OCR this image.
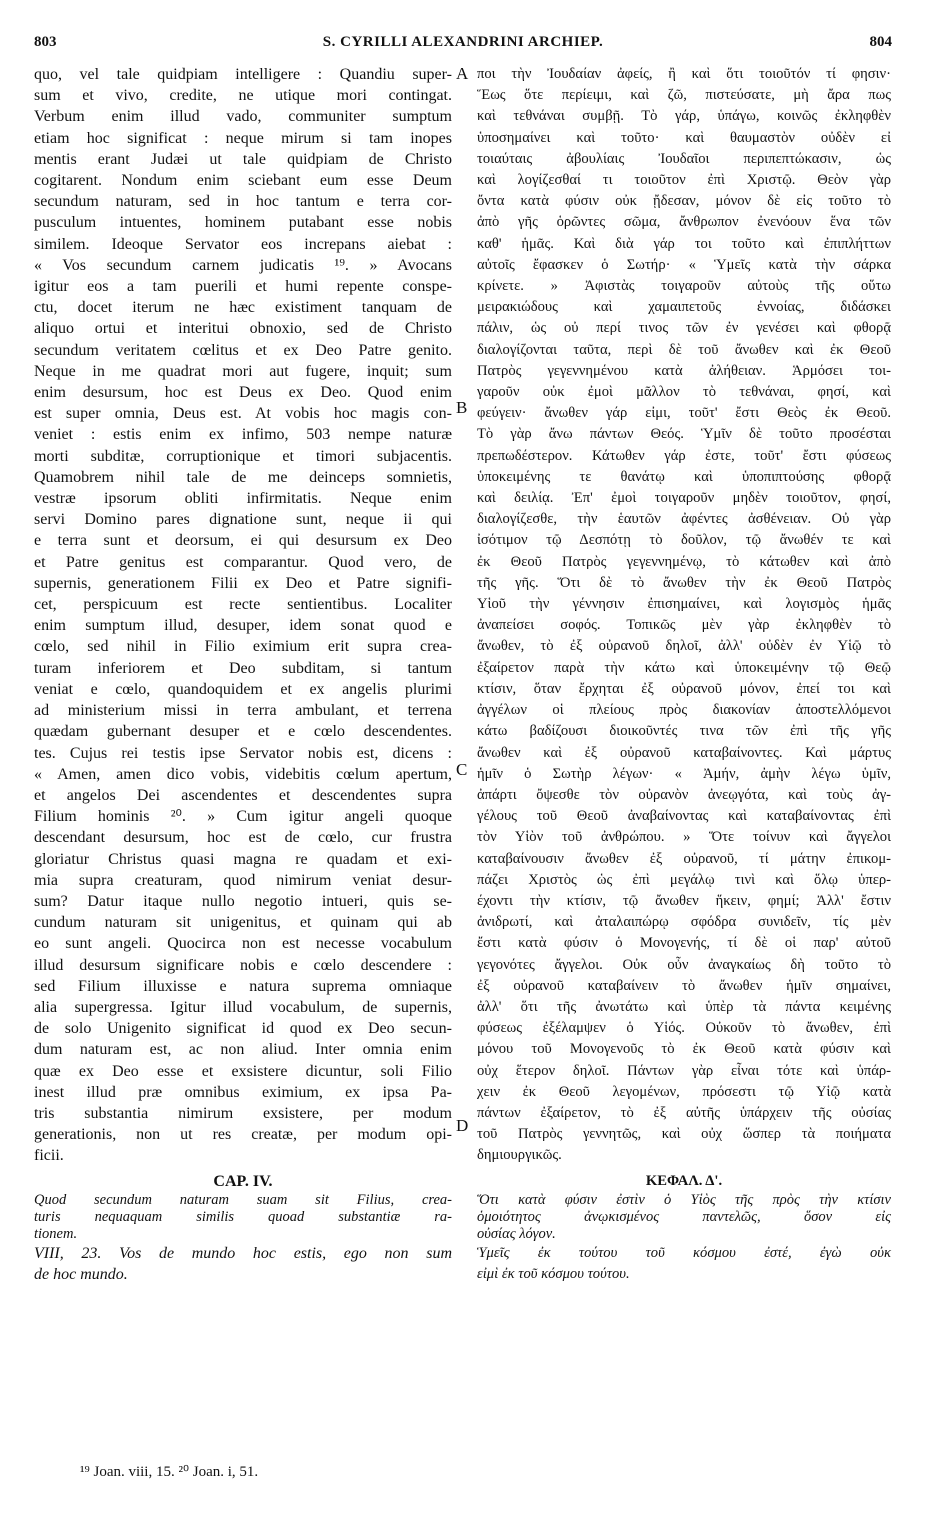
803	S. CYRILLI ALEXANDRINI ARCHIEP.	804

quo, vel tale quidpiam intelligere : Quandiu super-

sum et vivo, credite, ne utique mori contingat.

Verbum enim illud vado, communiter sumptum

etiam hoc significat : neque mirum si tam inopes

mentis erant Judæi ut tale quidpiam de Christo

cogitarent. Nondum enim sciebant eum esse Deum

secundum naturam, sed in hoc tantum e terra cor-

pusculum intuentes, hominem putabant esse nobis

similem. Ideoque Servator eos increpans aiebat :

« Vos secundum carnem judicatis ¹⁹. » Avocans

igitur eos a tam puerili et humi repente conspe-

ctu, docet iterum ne hæc existiment tanquam de

aliquo ortui et interitui obnoxio, sed de Christo

secundum veritatem cœlitus et ex Deo Patre genito.

Neque in me quadrat mori aut fugere, inquit; sum

enim desursum, hoc est Deus ex Deo. Quod enim

est super omnia, Deus est. At vobis hoc magis con-

veniet : estis enim ex infimo, 503 nempe naturæ

morti subditæ, corruptionique et timori subjacentis.

Quamobrem nihil tale de me deinceps somnietis,

vestræ ipsorum obliti infirmitatis. Neque enim

servi Domino pares dignatione sunt, neque ii qui

e terra sunt et deorsum, ei qui desursum ex Deo

et Patre genitus est comparantur. Quod vero, de

supernis, generationem Filii ex Deo et Patre signifi-

cet, perspicuum est recte sentientibus. Localiter

enim sumptum illud, desuper, idem sonat quod e

cœlo, sed nihil in Filio eximium erit supra crea-

turam inferiorem et Deo subditam, si tantum

veniat e cœlo, quandoquidem et ex angelis plurimi

ad ministerium missi in terra ambulant, et terrena

quædam gubernant desuper et e cœlo descendentes.

tes. Cujus rei testis ipse Servator nobis est, dicens :

« Amen, amen dico vobis, videbitis cœlum apertum,

et angelos Dei ascendentes et descendentes supra

Filium hominis ²⁰. » Cum igitur angeli quoque

descendant desursum, hoc est de cœlo, cur frustra

gloriatur Christus quasi magna re quadam et exi-

mia supra creaturam, quod nimirum veniat desur-

sum? Datur itaque nullo negotio intueri, quis se-

cundum naturam sit unigenitus, et quinam qui ab

eo sunt angeli. Quocirca non est necesse vocabulum

illud desursum significare nobis e cœlo descendere :

sed Filium illuxisse e natura suprema omniaque

alia supergressa. Igitur illud vocabulum, de supernis,

de solo Unigenito significat id quod ex Deo secun-

dum naturam est, ac non aliud. Inter omnia enim

quæ ex Deo esse et exsistere dicuntur, soli Filio

inest illud præ omnibus eximium, ex ipsa Pa-

tris substantia nimirum exsistere, per modum

generationis, non ut res creatæ, per modum opi-

ficii.

CAP. IV.

Quod secundum naturam suam sit Filius, crea-

turis nequaquam similis quoad substantiæ ra-

tionem.

VIII, 23. Vos de mundo hoc estis, ego non sum

de hoc mundo.

A
B
C
D

ποι τὴν Ἰουδαίαν ἀφείς, ἢ καὶ ὅτι τοιοῦτόν τί φησιν·

Ἕως ὅτε περίειμι, καὶ ζῶ, πιστεύσατε, μὴ ἄρα πως

καὶ τεθνάναι συμβῇ. Τὸ γάρ, ὑπάγω, κοινῶς ἐκληφθὲν

ὑποσημαίνει καὶ τοῦτο· καὶ θαυμαστὸν οὐδὲν εἰ

τοιαύταις ἀβουλίαις Ἰουδαῖοι περιπεπτώκασιν, ὡς

καὶ λογίζεσθαί τι τοιοῦτον ἐπὶ Χριστῷ. Θεὸν γὰρ

ὄντα κατὰ φύσιν οὐκ ᾔδεσαν, μόνον δὲ εἰς τοῦτο τὸ

ἀπὸ γῆς ὁρῶντες σῶμα, ἄνθρωπον ἐνενόουν ἕνα τῶν

καθ' ἡμᾶς. Καὶ διὰ γάρ τοι τοῦτο καὶ ἐπιπλήττων

αὐτοῖς ἔφασκεν ὁ Σωτήρ· « Ὑμεῖς κατὰ τὴν σάρκα

κρίνετε. » Ἀφιστὰς τοιγαροῦν αὐτοὺς τῆς οὕτω

μειρακιώδους καὶ χαμαιπετοῦς ἐννοίας, διδάσκει

πάλιν, ὡς οὐ περί τινος τῶν ἐν γενέσει καὶ φθορᾷ

διαλογίζονται ταῦτα, περὶ δὲ τοῦ ἄνωθεν καὶ ἐκ Θεοῦ

Πατρὸς γεγεννημένου κατὰ ἀλήθειαν. Ἁρμόσει τοι-

γαροῦν οὐκ ἐμοὶ μᾶλλον τὸ τεθνάναι, φησί, καὶ

φεύγειν· ἄνωθεν γάρ εἰμι, τοῦτ' ἔστι Θεὸς ἐκ Θεοῦ.

Τὸ γὰρ ἄνω πάντων Θεός. Ὑμῖν δὲ τοῦτο προσέσται

πρεπωδέστερον. Κάτωθεν γάρ ἐστε, τοῦτ' ἔστι φύσεως

ὑποκειμένης τε θανάτῳ καὶ ὑποπιπτούσης φθορᾷ

καὶ δειλίᾳ. Ἐπ' ἐμοὶ τοιγαροῦν μηδὲν τοιοῦτον, φησί,

διαλογίζεσθε, τὴν ἑαυτῶν ἀφέντες ἀσθένειαν. Οὐ γὰρ

ἰσότιμον τῷ Δεσπότῃ τὸ δοῦλον, τῷ ἄνωθέν τε καὶ

ἐκ Θεοῦ Πατρὸς γεγεννημένῳ, τὸ κάτωθεν καὶ ἀπὸ

τῆς γῆς. Ὅτι δὲ τὸ ἄνωθεν τὴν ἐκ Θεοῦ Πατρὸς

Υἱοῦ τὴν γέννησιν ἐπισημαίνει, καὶ λογισμὸς ἡμᾶς

ἀναπείσει σοφός. Τοπικῶς μὲν γὰρ ἐκληφθὲν τὸ

ἄνωθεν, τὸ ἐξ οὐρανοῦ δηλοῖ, ἀλλ' οὐδὲν ἐν Υἱῷ τὸ

ἐξαίρετον παρὰ τὴν κάτω καὶ ὑποκειμένην τῷ Θεῷ

κτίσιν, ὅταν ἔρχηται ἐξ οὐρανοῦ μόνον, ἐπεί τοι καὶ

ἀγγέλων οἱ πλείους πρὸς διακονίαν ἀποστελλόμενοι

κάτω βαδίζουσι διοικοῦντές τινα τῶν ἐπὶ τῆς γῆς

ἄνωθεν καὶ ἐξ οὐρανοῦ καταβαίνοντες. Καὶ μάρτυς

ἡμῖν ὁ Σωτὴρ λέγων· « Ἀμήν, ἀμὴν λέγω ὑμῖν,

ἀπάρτι ὄψεσθε τὸν οὐρανὸν ἀνεῳγότα, καὶ τοὺς ἀγ-

γέλους τοῦ Θεοῦ ἀναβαίνοντας καὶ καταβαίνοντας ἐπὶ

τὸν Υἱὸν τοῦ ἀνθρώπου. » Ὅτε τοίνυν καὶ ἄγγελοι

καταβαίνουσιν ἄνωθεν ἐξ οὐρανοῦ, τί μάτην ἐπικομ-

πάζει Χριστὸς ὡς ἐπὶ μεγάλῳ τινὶ καὶ ὅλῳ ὑπερ-

έχοντι τὴν κτίσιν, τῷ ἄνωθεν ἥκειν, φημί; Ἀλλ' ἔστιν

ἀνιδρωτί, καὶ ἀταλαιπώρῳ σφόδρα συνιδεῖν, τίς μὲν

ἔστι κατὰ φύσιν ὁ Μονογενής, τί δὲ οἱ παρ' αὐτοῦ

γεγονότες ἄγγελοι. Οὐκ οὖν ἀναγκαίως δὴ τοῦτο τὸ

ἐξ οὐρανοῦ καταβαίνειν τὸ ἄνωθεν ἡμῖν σημαίνει,

ἀλλ' ὅτι τῆς ἀνωτάτω καὶ ὑπὲρ τὰ πάντα κειμένης

φύσεως ἐξέλαμψεν ὁ Υἱός. Οὐκοῦν τὸ ἄνωθεν, ἐπὶ

μόνου τοῦ Μονογενοῦς τὸ ἐκ Θεοῦ κατὰ φύσιν καὶ

οὐχ ἕτερον δηλοῖ. Πάντων γὰρ εἶναι τότε καὶ ὑπάρ-

χειν ἐκ Θεοῦ λεγομένων, πρόσεστι τῷ Υἱῷ κατὰ

πάντων ἐξαίρετον, τὸ ἐξ αὐτῆς ὑπάρχειν τῆς οὐσίας

τοῦ Πατρὸς γεννητῶς, καὶ οὐχ ὥσπερ τὰ ποιήματα

δημιουργικῶς.

ΚΕΦΑΛ. Δ'.

Ὅτι κατὰ φύσιν ἐστὶν ὁ Υἱὸς τῆς πρὸς τὴν κτίσιν

ὁμοιότητος ἀνῳκισμένος παντελῶς, ὅσον εἰς

οὐσίας λόγον.

Ὑμεῖς ἐκ τούτου τοῦ κόσμου ἐστέ, ἐγὼ οὐκ

εἰμὶ ἐκ τοῦ κόσμου τούτου.

¹⁹ Joan. viii, 15. ²⁰ Joan. i, 51.
